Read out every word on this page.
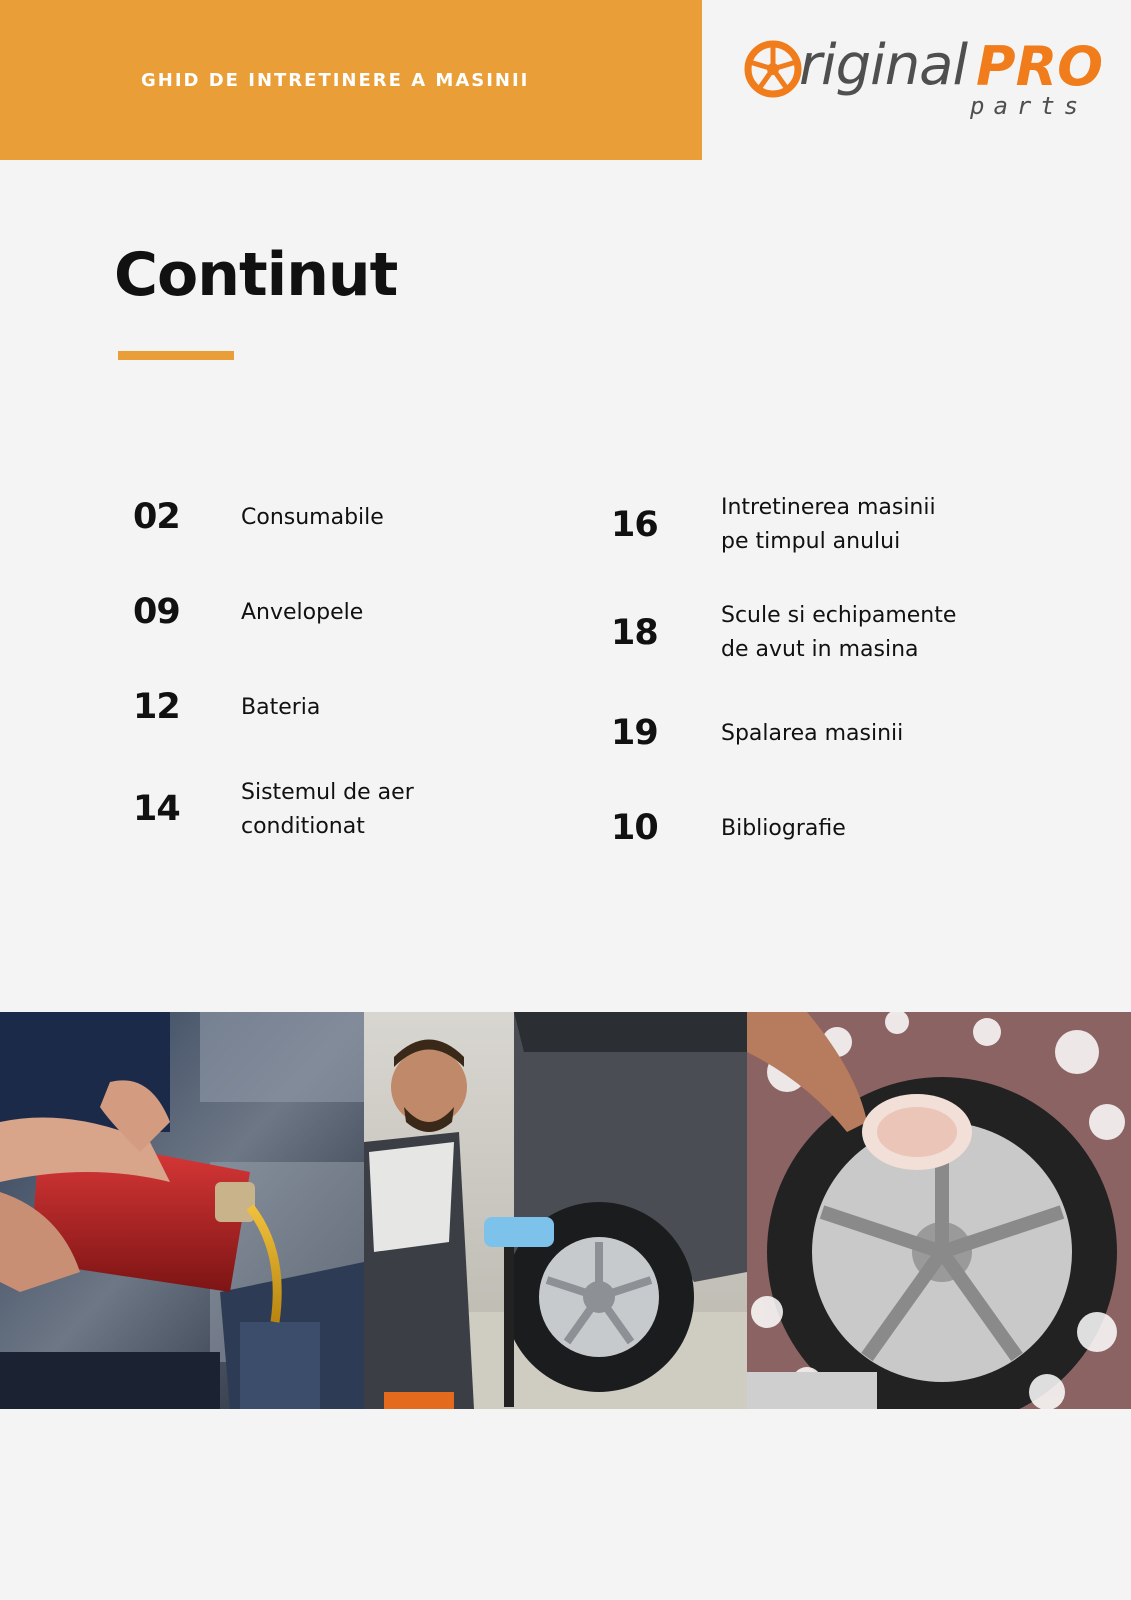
GHID DE INTRETINERE A MASINII	riginal PRO
parts
Continut
02	Consumabile
09	Anvelopele
12	Bateria
14	Sistemul de aer
conditionat
16	Intretinerea masinii
pe timpul anului
18	Scule si echipamente
de avut in masina
19	Spalarea masinii
10	Bibliografie
